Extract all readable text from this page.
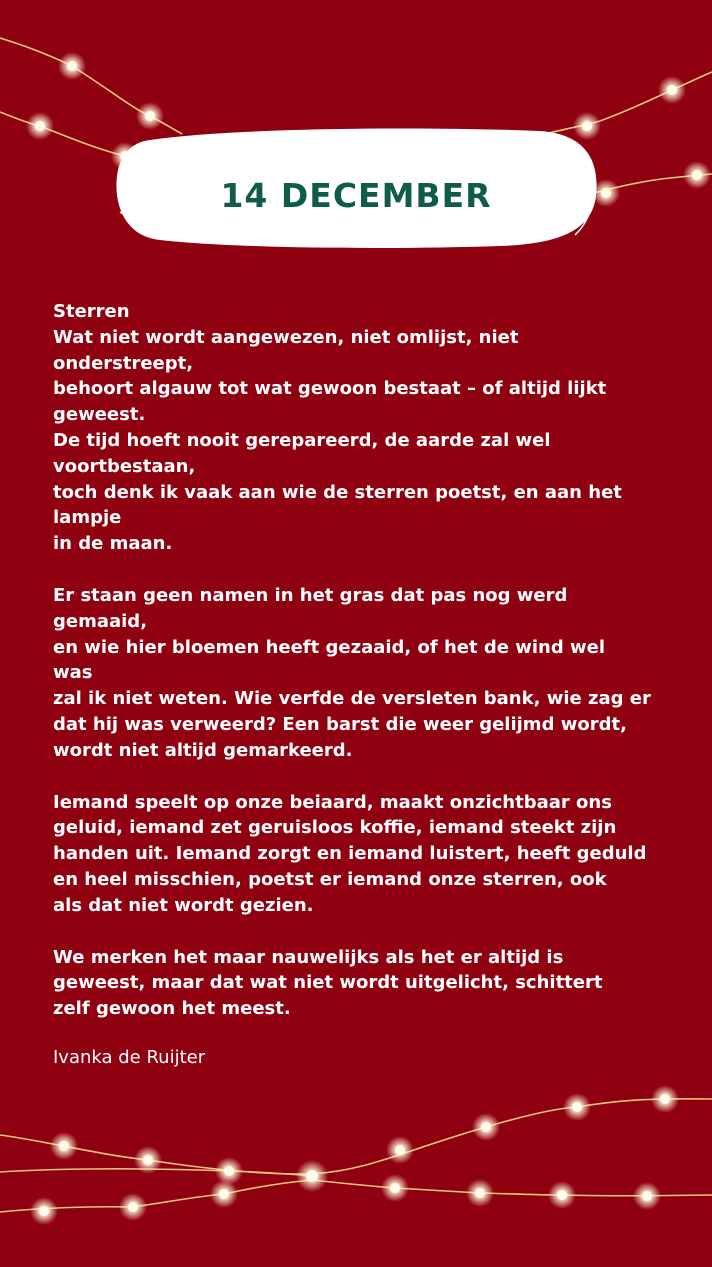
14 DECEMBER

Sterren
Wat niet wordt aangewezen, niet omlijst, niet
onderstreept,
behoort algauw tot wat gewoon bestaat – of altijd lijkt
geweest.
De tijd hoeft nooit gerepareerd, de aarde zal wel
voortbestaan,
toch denk ik vaak aan wie de sterren poetst, en aan het
lampje
in de maan.

Er staan geen namen in het gras dat pas nog werd
gemaaid,
en wie hier bloemen heeft gezaaid, of het de wind wel
was
zal ik niet weten. Wie verfde de versleten bank, wie zag er
dat hij was verweerd? Een barst die weer gelijmd wordt,
wordt niet altijd gemarkeerd.

Iemand speelt op onze beiaard, maakt onzichtbaar ons
geluid, iemand zet geruisloos koffie, iemand steekt zijn
handen uit. Iemand zorgt en iemand luistert, heeft geduld
en heel misschien, poetst er iemand onze sterren, ook
als dat niet wordt gezien.

We merken het maar nauwelijks als het er altijd is
geweest, maar dat wat niet wordt uitgelicht, schittert
zelf gewoon het meest.

Ivanka de Ruijter
